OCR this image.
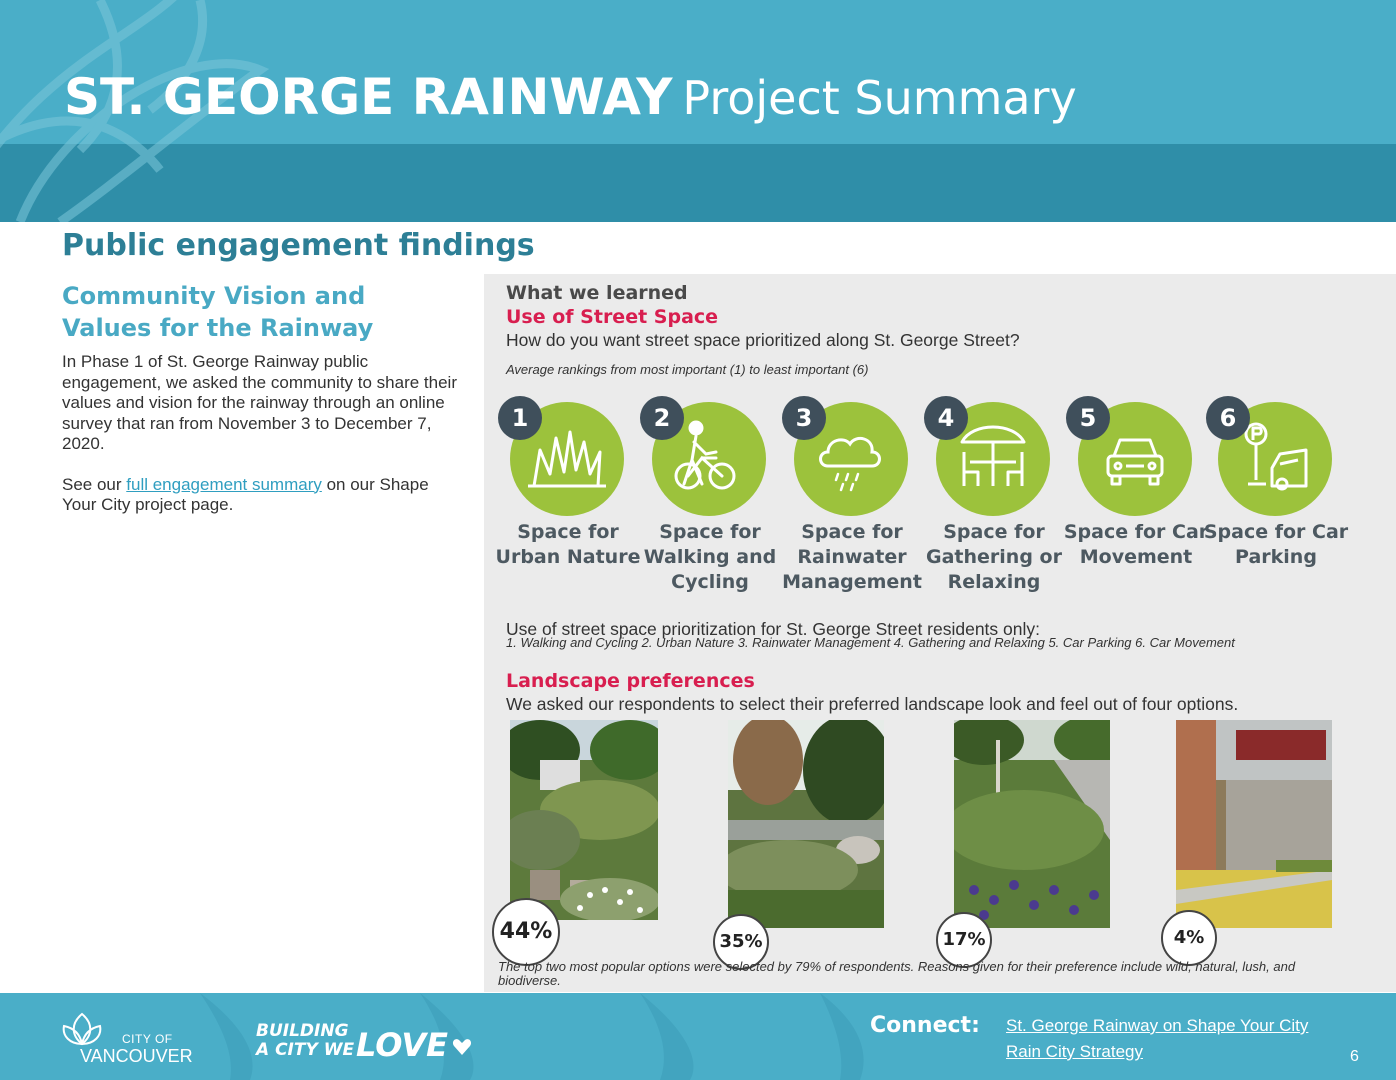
ST. GEORGE RAINWAY Project Summary
Public engagement findings
Community Vision and
Values for the Rainway
In Phase 1 of St. George Rainway public engagement, we asked the community to share their values and vision for the rainway through an online survey that ran from November 3 to December 7, 2020.
See our full engagement summary on our Shape Your City project page.
What we learned
Use of Street Space
How do you want street space prioritized along St. George Street?
Average rankings from most important (1) to least important (6)
1
Space for Urban Nature
2
Space for Walking and Cycling
3
Space for Rainwater Management
4
Space for Gathering or Relaxing
5
Space for Car Movement
6
Space for Car Parking
Use of street space prioritization for St. George Street residents only:
1. Walking and Cycling 2. Urban Nature 3. Rainwater Management 4. Gathering and Relaxing 5. Car Parking 6. Car Movement
Landscape preferences
We asked our respondents to select their preferred landscape look and feel out of four options.
44%	35%	17%	4%
The top two most popular options were selected by 79% of respondents. Reasons given for their preference include wild, natural, lush, and biodiverse.
CITY OF
VANCOUVER
BUILDING
A CITY WE LOVE
Connect: St. George Rainway on Shape Your City
Rain City Strategy	6
